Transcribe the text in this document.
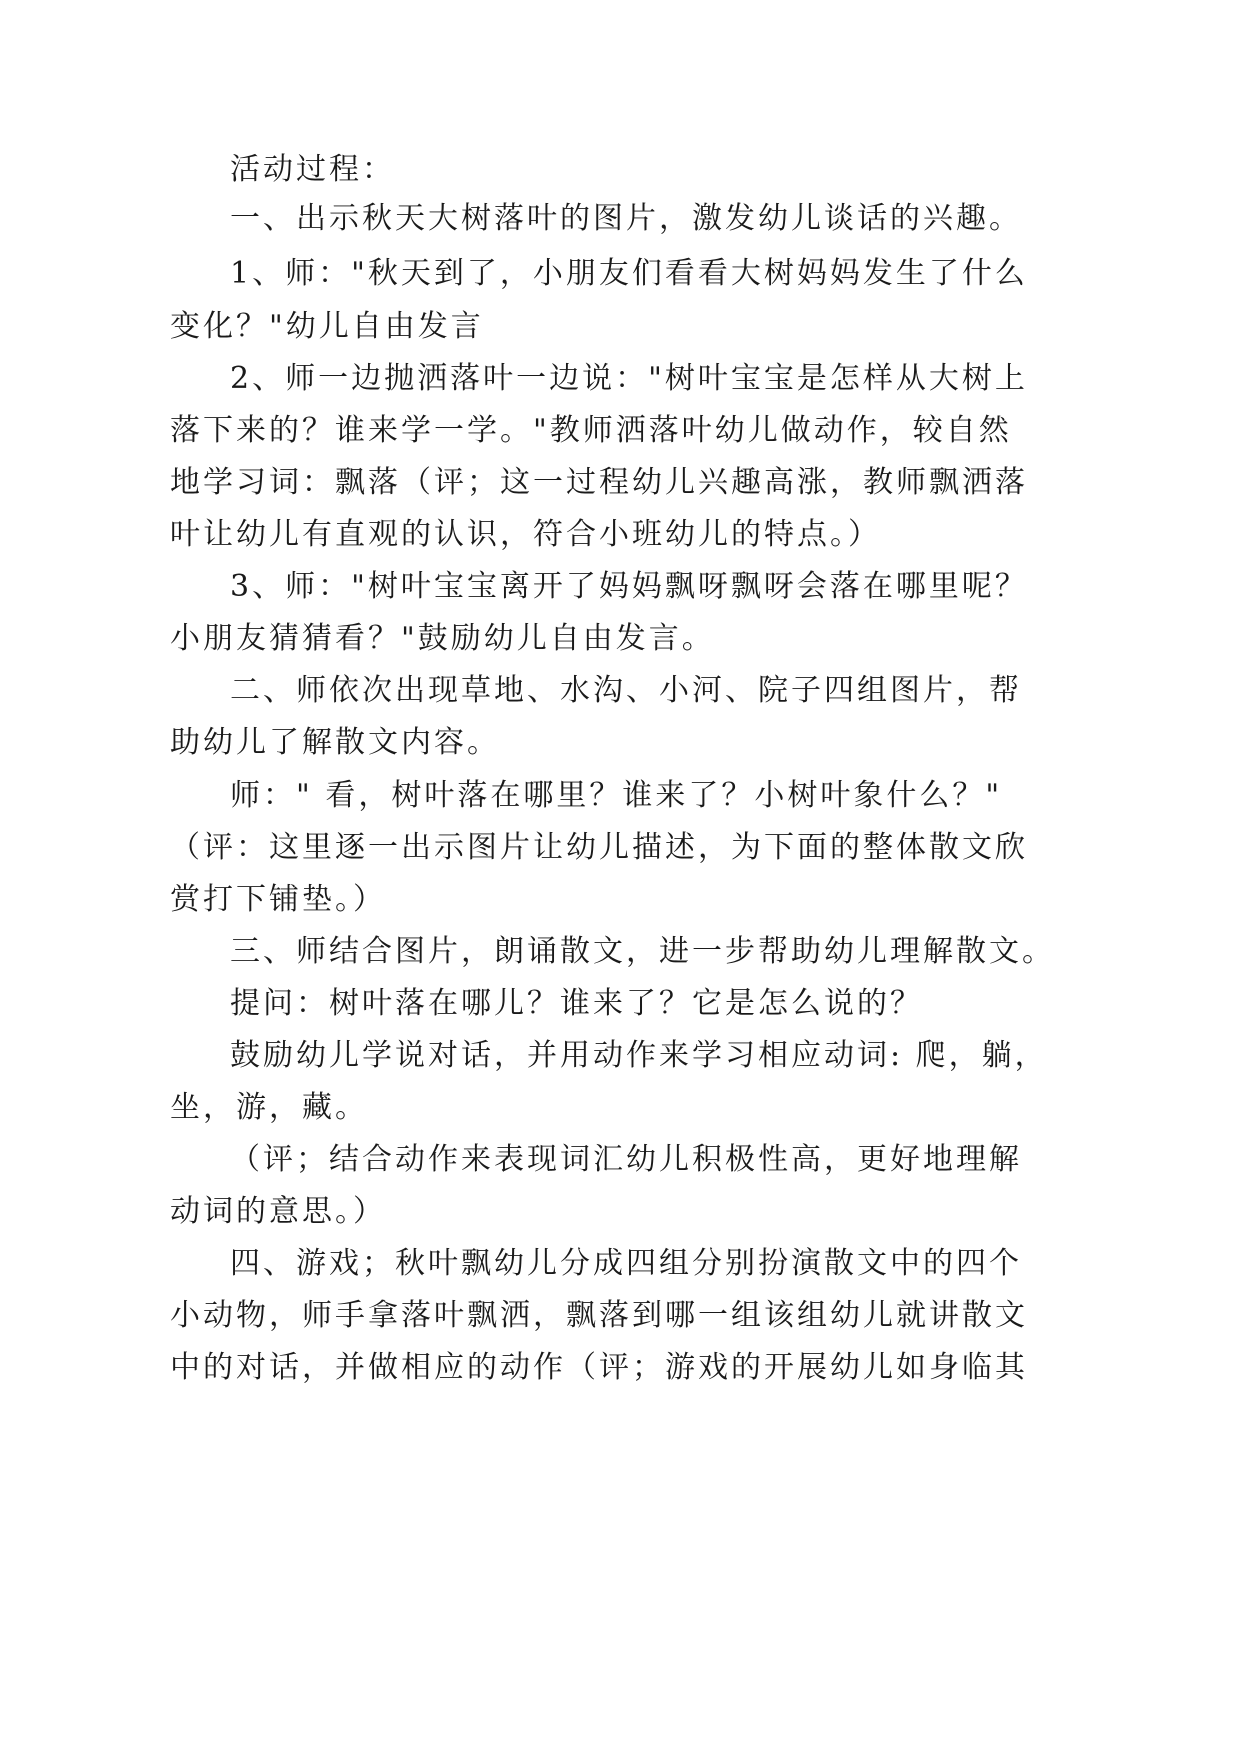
活动过程：
一、出示秋天大树落叶的图片，激发幼儿谈话的兴趣。
1、师："秋天到了，小朋友们看看大树妈妈发生了什么
变化？"幼儿自由发言
2、师一边抛洒落叶一边说："树叶宝宝是怎样从大树上
落下来的？谁来学一学。"教师洒落叶幼儿做动作，较自然
地学习词：飘落（评；这一过程幼儿兴趣高涨，教师飘洒落
叶让幼儿有直观的认识，符合小班幼儿的特点。）
3、师："树叶宝宝离开了妈妈飘呀飘呀会落在哪里呢？
小朋友猜猜看？"鼓励幼儿自由发言。
二、师依次出现草地、水沟、小河、院子四组图片，帮
助幼儿了解散文内容。
师：" 看，树叶落在哪里？谁来了？小树叶象什么？"
（评：这里逐一出示图片让幼儿描述，为下面的整体散文欣
赏打下铺垫。）
三、师结合图片，朗诵散文，进一步帮助幼儿理解散文。
提问：树叶落在哪儿？谁来了？它是怎么说的？
鼓励幼儿学说对话，并用动作来学习相应动词: 爬，躺，
坐，游，藏。
（评；结合动作来表现词汇幼儿积极性高，更好地理解
动词的意思。）
四、游戏；秋叶飘幼儿分成四组分别扮演散文中的四个
小动物，师手拿落叶飘洒，飘落到哪一组该组幼儿就讲散文
中的对话，并做相应的动作（评；游戏的开展幼儿如身临其
